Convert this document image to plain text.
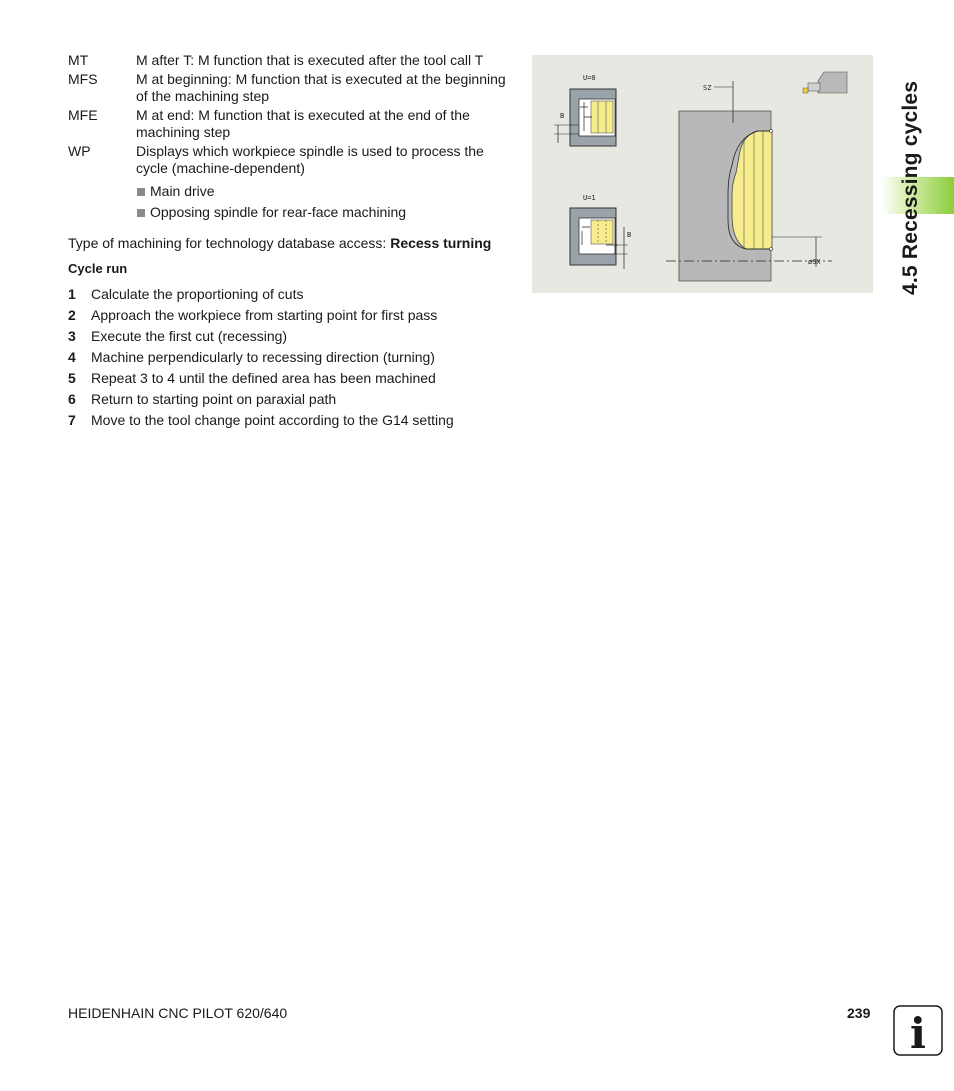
MT	M after T: M function that is executed after the tool call T
MFS	M at beginning: M function that is executed at the beginning of the machining step
MFE	M at end: M function that is executed at the end of the machining step
WP	Displays which workpiece spindle is used to process the cycle (machine-dependent)
Main drive
Opposing spindle for rear-face machining
Type of machining for technology database access: Recess turning
Cycle run
1	Calculate the proportioning of cuts
2	Approach the workpiece from starting point for first pass
3	Execute the first cut (recessing)
4	Machine perpendicularly to recessing direction (turning)
5	Repeat 3 to 4 until the defined area has been machined
6	Return to starting point on paraxial path
7	Move to the tool change point according to the G14 setting
U=0
B
U=1
B
SZ
øSX	4.5 Recessing cycles
HEIDENHAIN CNC PILOT 620/640	239 i
